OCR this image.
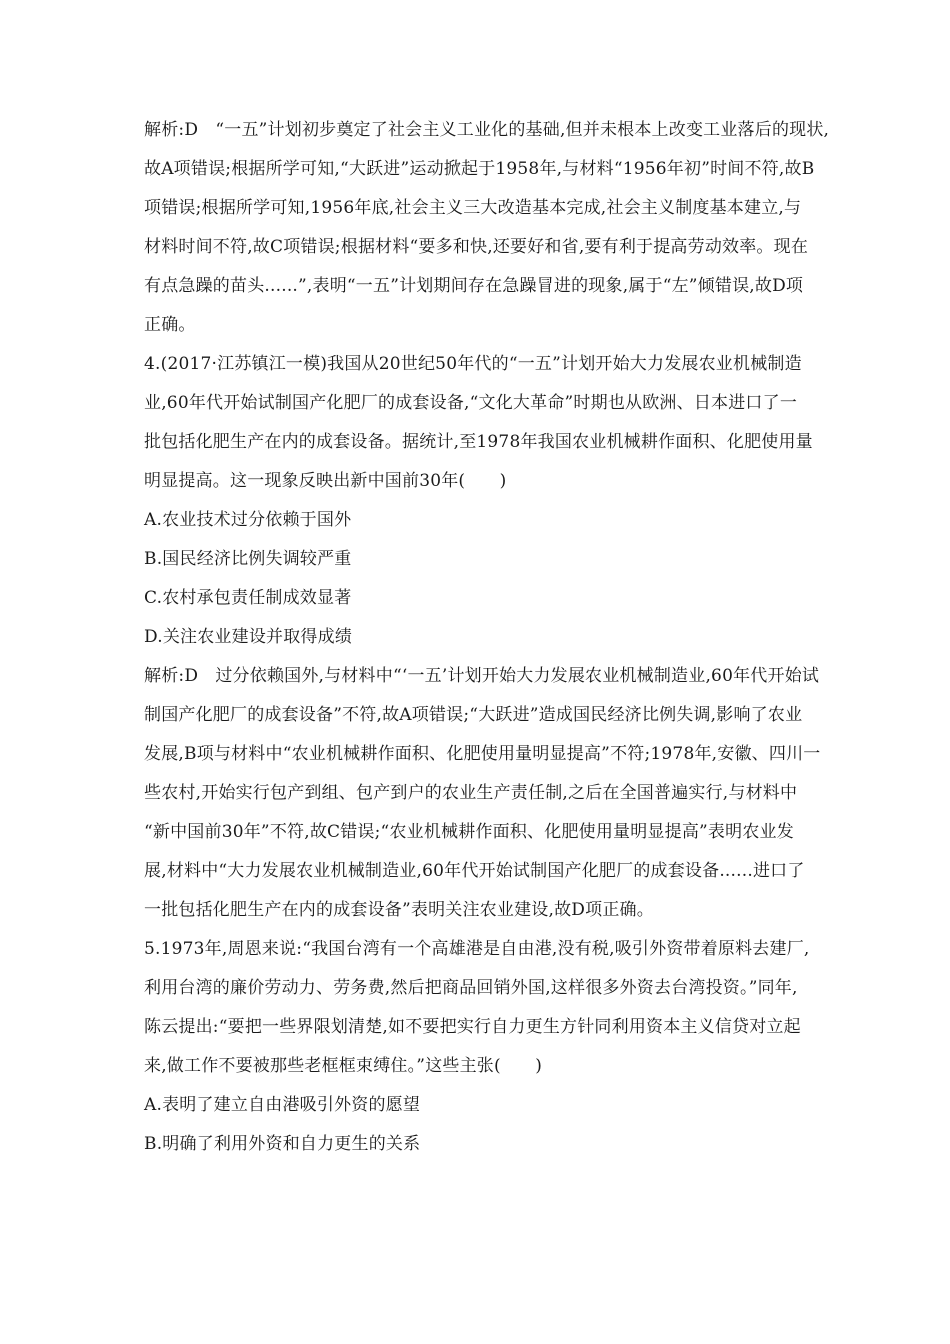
解析:D　“一五”计划初步奠定了社会主义工业化的基础,但并未根本上改变工业落后的现状,
故A项错误;根据所学可知,“大跃进”运动掀起于1958年,与材料“1956年初”时间不符,故B
项错误;根据所学可知,1956年底,社会主义三大改造基本完成,社会主义制度基本建立,与
材料时间不符,故C项错误;根据材料“要多和快,还要好和省,要有利于提高劳动效率。现在
有点急躁的苗头......”,表明“一五”计划期间存在急躁冒进的现象,属于“左”倾错误,故D项
正确。
4.(2017·江苏镇江一模)我国从20世纪50年代的“一五”计划开始大力发展农业机械制造
业,60年代开始试制国产化肥厂的成套设备,“文化大革命”时期也从欧洲、日本进口了一
批包括化肥生产在内的成套设备。据统计,至1978年我国农业机械耕作面积、化肥使用量
明显提高。这一现象反映出新中国前30年(　　)
A.农业技术过分依赖于国外
B.国民经济比例失调较严重
C.农村承包责任制成效显著
D.关注农业建设并取得成绩
解析:D　过分依赖国外,与材料中“‘一五’计划开始大力发展农业机械制造业,60年代开始试
制国产化肥厂的成套设备”不符,故A项错误;“大跃进”造成国民经济比例失调,影响了农业
发展,B项与材料中“农业机械耕作面积、化肥使用量明显提高”不符;1978年,安徽、四川一
些农村,开始实行包产到组、包产到户的农业生产责任制,之后在全国普遍实行,与材料中
“新中国前30年”不符,故C错误;“农业机械耕作面积、化肥使用量明显提高”表明农业发
展,材料中“大力发展农业机械制造业,60年代开始试制国产化肥厂的成套设备......进口了
一批包括化肥生产在内的成套设备”表明关注农业建设,故D项正确。
5.1973年,周恩来说:“我国台湾有一个高雄港是自由港,没有税,吸引外资带着原料去建厂,
利用台湾的廉价劳动力、劳务费,然后把商品回销外国,这样很多外资去台湾投资。”同年,
陈云提出:“要把一些界限划清楚,如不要把实行自力更生方针同利用资本主义信贷对立起
来,做工作不要被那些老框框束缚住。”这些主张(　　)
A.表明了建立自由港吸引外资的愿望
B.明确了利用外资和自力更生的关系
